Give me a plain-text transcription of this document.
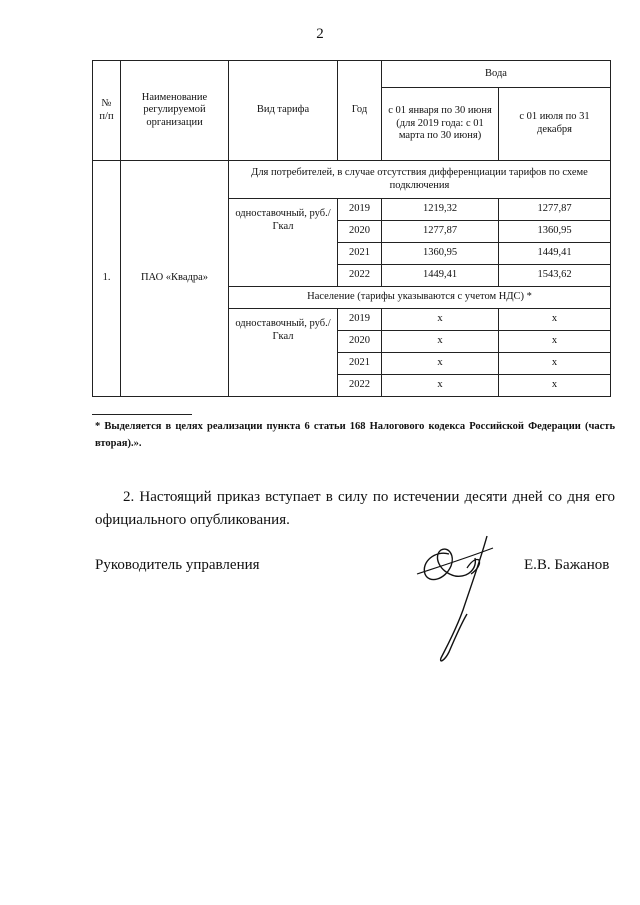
2
№ п/п	Наименование регулируемой организации	Вид тарифа	Год	Вода	
				с 01 января по 30 июня (для 2019 года: с 01 марта по 30 июня)	с 01 июля по 31 декабря
1.	ПАО «Квадра»	Для потребителей, в случае отсутствия дифференциации тарифов по схеме подключения			
		одноставочный, руб./Гкал	2019	1219,32	1277,87
			2020	1277,87	1360,95
			2021	1360,95	1449,41
			2022	1449,41	1543,62
		Население (тарифы указываются с учетом НДС) *			
		одноставочный, руб./Гкал	2019	x	x
			2020	x	x
			2021	x	x
			2022	x	x
* Выделяется в целях реализации пункта 6 статьи 168 Налогового кодекса Российской Федерации (часть вторая).».
2. Настоящий приказ вступает в силу по истечении десяти дней со дня его официального опубликования.
Руководитель управления	Е.В. Бажанов
